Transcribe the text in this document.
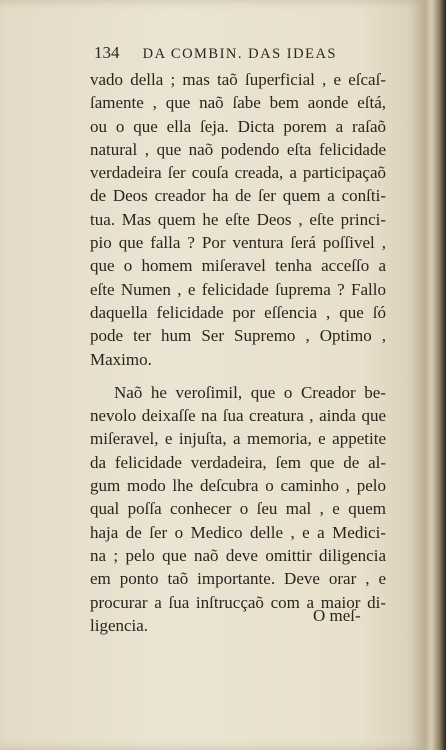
134 DA COMBIN. DAS IDEAS
vado della ; mas taõ ſuperficial , e eſcaſ-
ſamente , que naõ ſabe bem aonde eſtá,
ou o que ella ſeja. Dicta porem a raſaõ
natural , que naõ podendo eſta felicidade
verdadeira ſer couſa creada, a participaçaõ
de Deos creador ha de ſer quem a conſti-
tua. Mas quem he eſte Deos , eſte princi-
pio que falla ? Por ventura ſerá poſſivel ,
que o homem miſeravel tenha acceſſo a
eſte Numen , e felicidade ſuprema ? Fallo
daquella felicidade por eſſencia , que ſó
pode ter hum Ser Supremo , Optimo ,
Maximo.
Naõ he veroſimil, que o Creador be-
nevolo deixaſſe na ſua creatura , ainda que
miſeravel, e injuſta, a memoria, e appetite
da felicidade verdadeira, ſem que de al-
gum modo lhe deſcubra o caminho , pelo
qual poſſa conhecer o ſeu mal , e quem
haja de ſer o Medico delle , e a Medici-
na ; pelo que naõ deve omittir diligencia
em ponto taõ importante. Deve orar , e
procurar a ſua inſtrucçaõ com a maior di-
ligencia.
O meſ-
